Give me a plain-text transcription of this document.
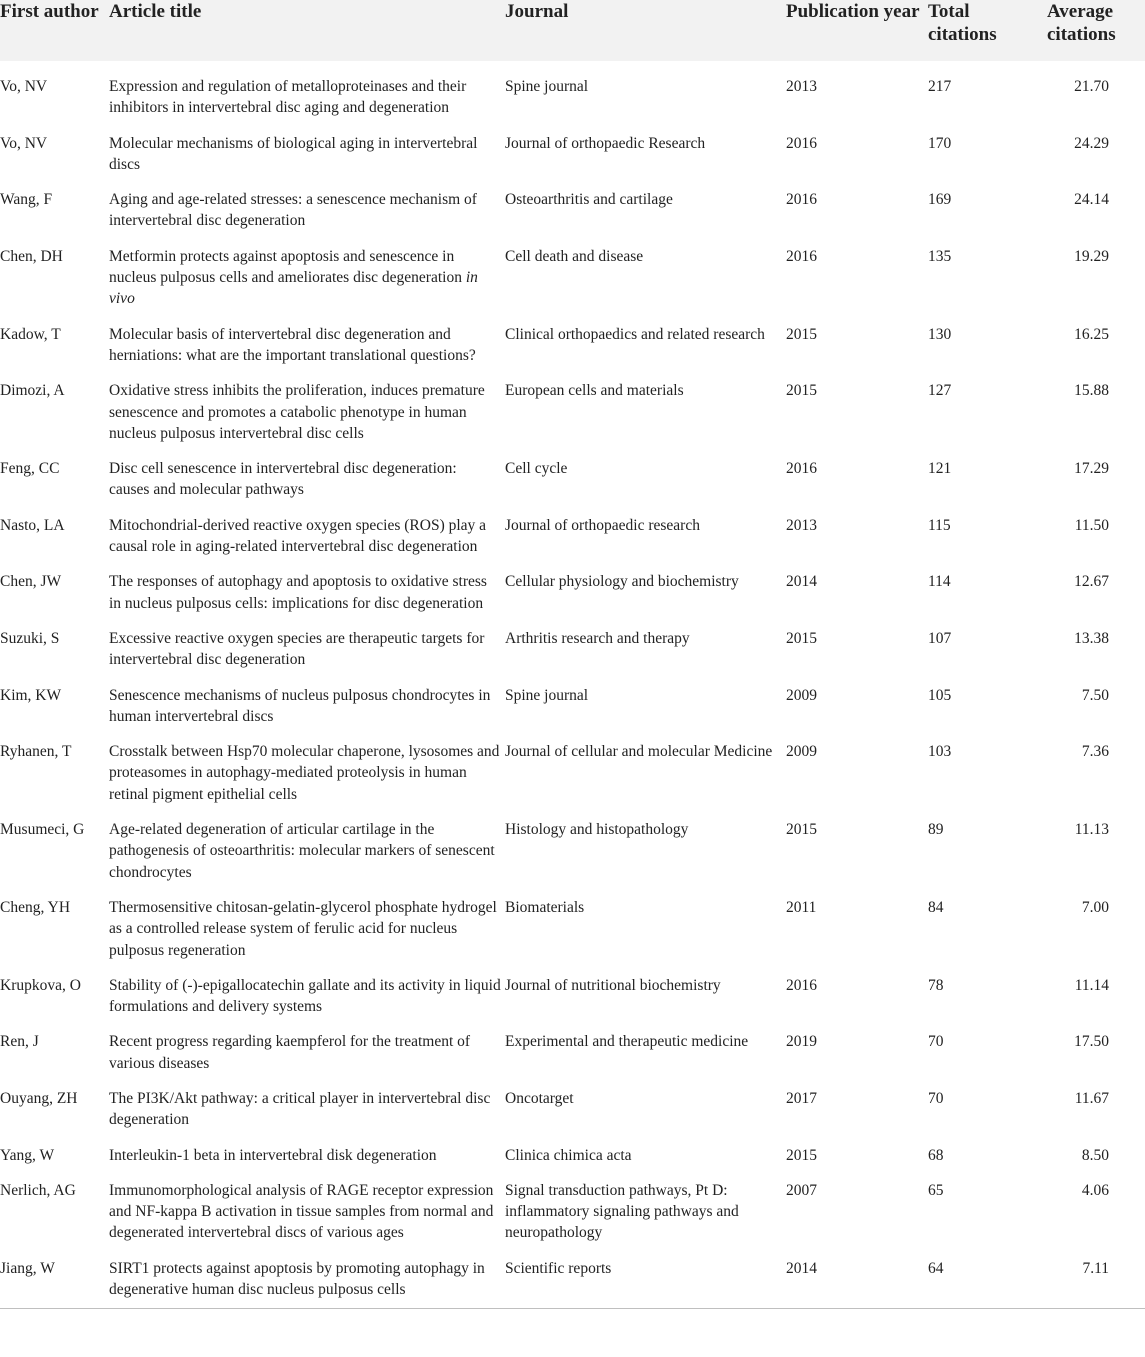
First author	Article title	Journal	Publication year	Total citations	Average citations
Vo, NV	Expression and regulation of metalloproteinases and their inhibitors in intervertebral disc aging and degeneration	Spine journal	2013	217	21.70
Vo, NV	Molecular mechanisms of biological aging in intervertebral discs	Journal of orthopaedic Research	2016	170	24.29
Wang, F	Aging and age-related stresses: a senescence mechanism of intervertebral disc degeneration	Osteoarthritis and cartilage	2016	169	24.14
Chen, DH	Metformin protects against apoptosis and senescence in nucleus pulposus cells and ameliorates disc degeneration in vivo	Cell death and disease	2016	135	19.29
Kadow, T	Molecular basis of intervertebral disc degeneration and herniations: what are the important translational questions?	Clinical orthopaedics and related research	2015	130	16.25
Dimozi, A	Oxidative stress inhibits the proliferation, induces premature senescence and promotes a catabolic phenotype in human nucleus pulposus intervertebral disc cells	European cells and materials	2015	127	15.88
Feng, CC	Disc cell senescence in intervertebral disc degeneration: causes and molecular pathways	Cell cycle	2016	121	17.29
Nasto, LA	Mitochondrial-derived reactive oxygen species (ROS) play a causal role in aging-related intervertebral disc degeneration	Journal of orthopaedic research	2013	115	11.50
Chen, JW	The responses of autophagy and apoptosis to oxidative stress in nucleus pulposus cells: implications for disc degeneration	Cellular physiology and biochemistry	2014	114	12.67
Suzuki, S	Excessive reactive oxygen species are therapeutic targets for intervertebral disc degeneration	Arthritis research and therapy	2015	107	13.38
Kim, KW	Senescence mechanisms of nucleus pulposus chondrocytes in human intervertebral discs	Spine journal	2009	105	7.50
Ryhanen, T	Crosstalk between Hsp70 molecular chaperone, lysosomes and proteasomes in autophagy-mediated proteolysis in human retinal pigment epithelial cells	Journal of cellular and molecular Medicine	2009	103	7.36
Musumeci, G	Age-related degeneration of articular cartilage in the pathogenesis of osteoarthritis: molecular markers of senescent chondrocytes	Histology and histopathology	2015	89	11.13
Cheng, YH	Thermosensitive chitosan-gelatin-glycerol phosphate hydrogel as a controlled release system of ferulic acid for nucleus pulposus regeneration	Biomaterials	2011	84	7.00
Krupkova, O	Stability of (-)-epigallocatechin gallate and its activity in liquid formulations and delivery systems	Journal of nutritional biochemistry	2016	78	11.14
Ren, J	Recent progress regarding kaempferol for the treatment of various diseases	Experimental and therapeutic medicine	2019	70	17.50
Ouyang, ZH	The PI3K/Akt pathway: a critical player in intervertebral disc degeneration	Oncotarget	2017	70	11.67
Yang, W	Interleukin-1 beta in intervertebral disk degeneration	Clinica chimica acta	2015	68	8.50
Nerlich, AG	Immunomorphological analysis of RAGE receptor expression and NF-kappa B activation in tissue samples from normal and degenerated intervertebral discs of various ages	Signal transduction pathways, Pt D: inflammatory signaling pathways and neuropathology	2007	65	4.06
Jiang, W	SIRT1 protects against apoptosis by promoting autophagy in degenerative human disc nucleus pulposus cells	Scientific reports	2014	64	7.11
